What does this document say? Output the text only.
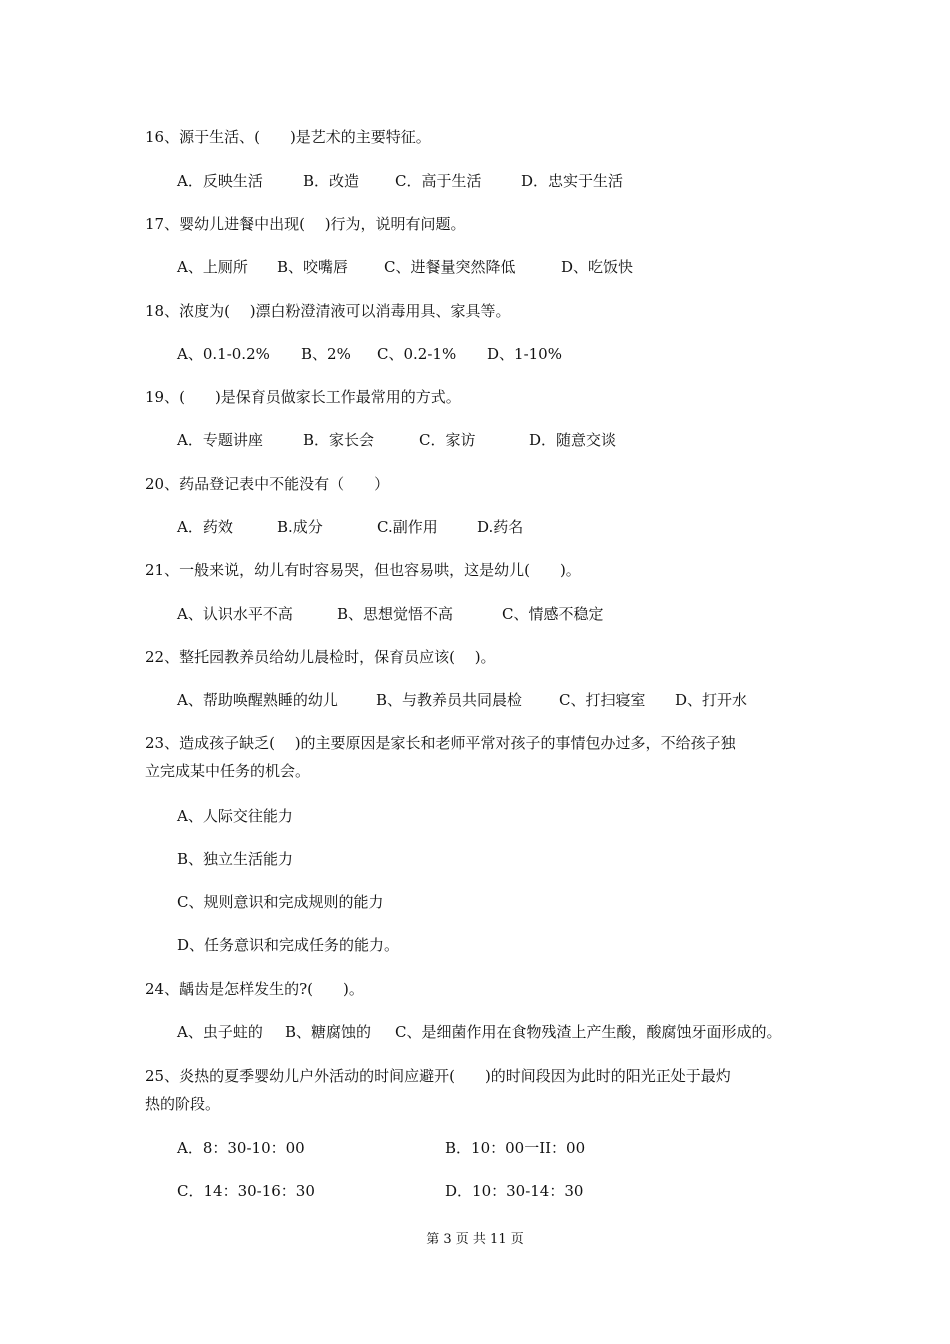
16、源于生活、(　　)是艺术的主要特征。
A．反映生活	B．改造 C．高于生活	D．忠实于生活
17、婴幼儿进餐中出现(　 )行为，说明有问题。
A、上厕所 B、咬嘴唇 C、进餐量突然降低	D、吃饭快
18、浓度为(　 )漂白粉澄清液可以消毒用具、家具等。
A、0.1-0.2% B、2% C、0.2-1% D、1-10%
19、(　　)是保育员做家长工作最常用的方式。
A．专题讲座	B．家长会	C．家访	D．随意交谈
20、药品登记表中不能没有（　　）
A．药效	B.成分	C.副作用	D.药名
21、一般来说，幼儿有时容易哭，但也容易哄，这是幼儿(　　)。
A、认识水平不高	B、思想觉悟不高	C、情感不稳定
22、整托园教养员给幼儿晨检时，保育员应该(　 )。
A、帮助唤醒熟睡的幼儿	B、与教养员共同晨检 C、打扫寝室 D、打开水
23、造成孩子缺乏(　 )的主要原因是家长和老师平常对孩子的事情包办过多，不给孩子独
立完成某中任务的机会。
A、人际交往能力
B、独立生活能力
C、规则意识和完成规则的能力
D、任务意识和完成任务的能力。
24、龋齿是怎样发生的?(　　)。
A、虫子蛀的 B、糖腐蚀的 C、是细菌作用在食物残渣上产生酸，酸腐蚀牙面形成的。
25、炎热的夏季婴幼儿户外活动的时间应避开(　　)的时间段因为此时的阳光正处于最灼
热的阶段。
A．8：30-10：00	B．10：00一II：00
C．14：30-16：30	D．10：30-14：30
第 3 页 共 11 页
